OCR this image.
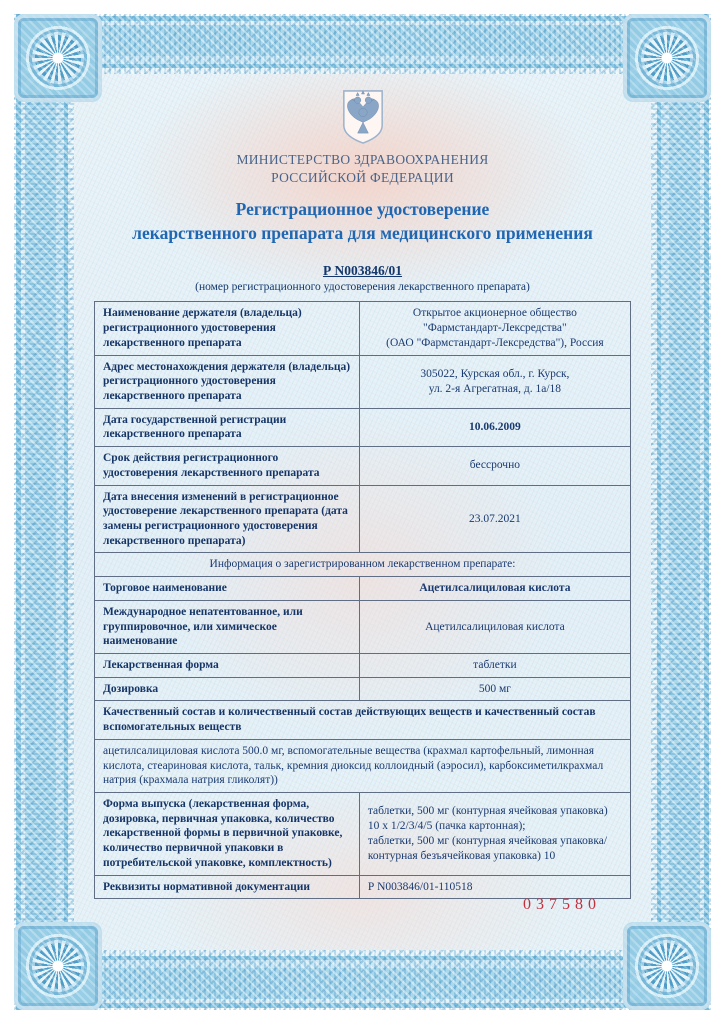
МИНИСТЕРСТВО ЗДРАВООХРАНЕНИЯ
РОССИЙСКОЙ ФЕДЕРАЦИИ
Регистрационное удостоверение
лекарственного препарата для медицинского применения
Р N003846/01
(номер регистрационного удостоверения лекарственного препарата)
Наименование держателя (владельца) регистрационного удостоверения лекарственного препарата
Открытое акционерное общество
"Фармстандарт-Лексредства"
(ОАО "Фармстандарт-Лексредства"), Россия
Адрес местонахождения держателя (владельца) регистрационного удостоверения лекарственного препарата
305022, Курская обл., г. Курск,
ул. 2-я Агрегатная, д. 1а/18
Дата государственной регистрации лекарственного препарата
10.06.2009
Срок действия регистрационного удостоверения лекарственного препарата
бессрочно
Дата внесения изменений в регистрационное удостоверение лекарственного препарата (дата замены регистрационного удостоверения лекарственного препарата)
23.07.2021
Информация о зарегистрированном лекарственном препарате:
Торговое наименование	Ацетилсалициловая кислота
Международное непатентованное, или группировочное, или химическое наименование
Ацетилсалициловая кислота
Лекарственная форма	таблетки
Дозировка	500 мг
Качественный состав и количественный состав действующих веществ и качественный состав вспомогательных веществ
ацетилсалициловая кислота 500.0 мг, вспомогательные вещества (крахмал картофельный, лимонная кислота, стеариновая кислота, тальк, кремния диоксид коллоидный (аэросил), карбоксиметилкрахмал натрия (крахмала натрия гликолят))
Форма выпуска (лекарственная форма, дозировка, первичная упаковка, количество лекарственной формы в первичной упаковке, количество первичной упаковки в потребительской упаковке, комплектность)
таблетки, 500 мг (контурная ячейковая упаковка) 10 х 1/2/3/4/5 (пачка картонная);
таблетки, 500 мг (контурная ячейковая упаковка/ контурная безъячейковая упаковка) 10
Реквизиты нормативной документации	Р N003846/01-110518
037580
